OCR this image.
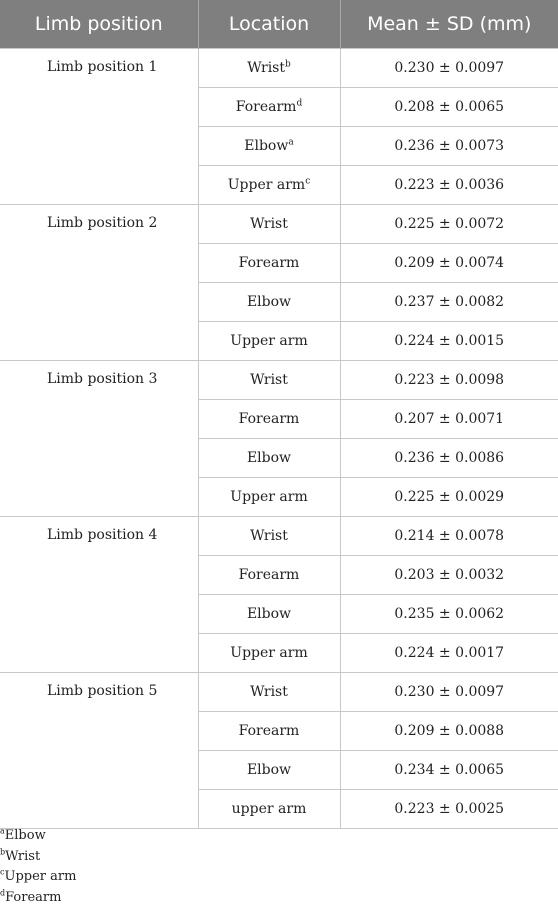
Limb position	Location	Mean ± SD (mm)
Limb position 1	Wrist$^b$	0.230 ± 0.0097
	Forearm$^d$	0.208 ± 0.0065
	Elbow$^a$	0.236 ± 0.0073
	Upper arm$^c$	0.223 ± 0.0036
Limb position 2	Wrist	0.225 ± 0.0072
	Forearm	0.209 ± 0.0074
	Elbow	0.237 ± 0.0082
	Upper arm	0.224 ± 0.0015
Limb position 3	Wrist	0.223 ± 0.0098
	Forearm	0.207 ± 0.0071
	Elbow	0.236 ± 0.0086
	Upper arm	0.225 ± 0.0029
Limb position 4	Wrist	0.214 ± 0.0078
	Forearm	0.203 ± 0.0032
	Elbow	0.235 ± 0.0062
	Upper arm	0.224 ± 0.0017
Limb position 5	Wrist	0.230 ± 0.0097
	Forearm	0.209 ± 0.0088
	Elbow	0.234 ± 0.0065
	upper arm	0.223 ± 0.0025
$^a$Elbow
$^b$Wrist
$^c$Upper arm
$^d$Forearm
